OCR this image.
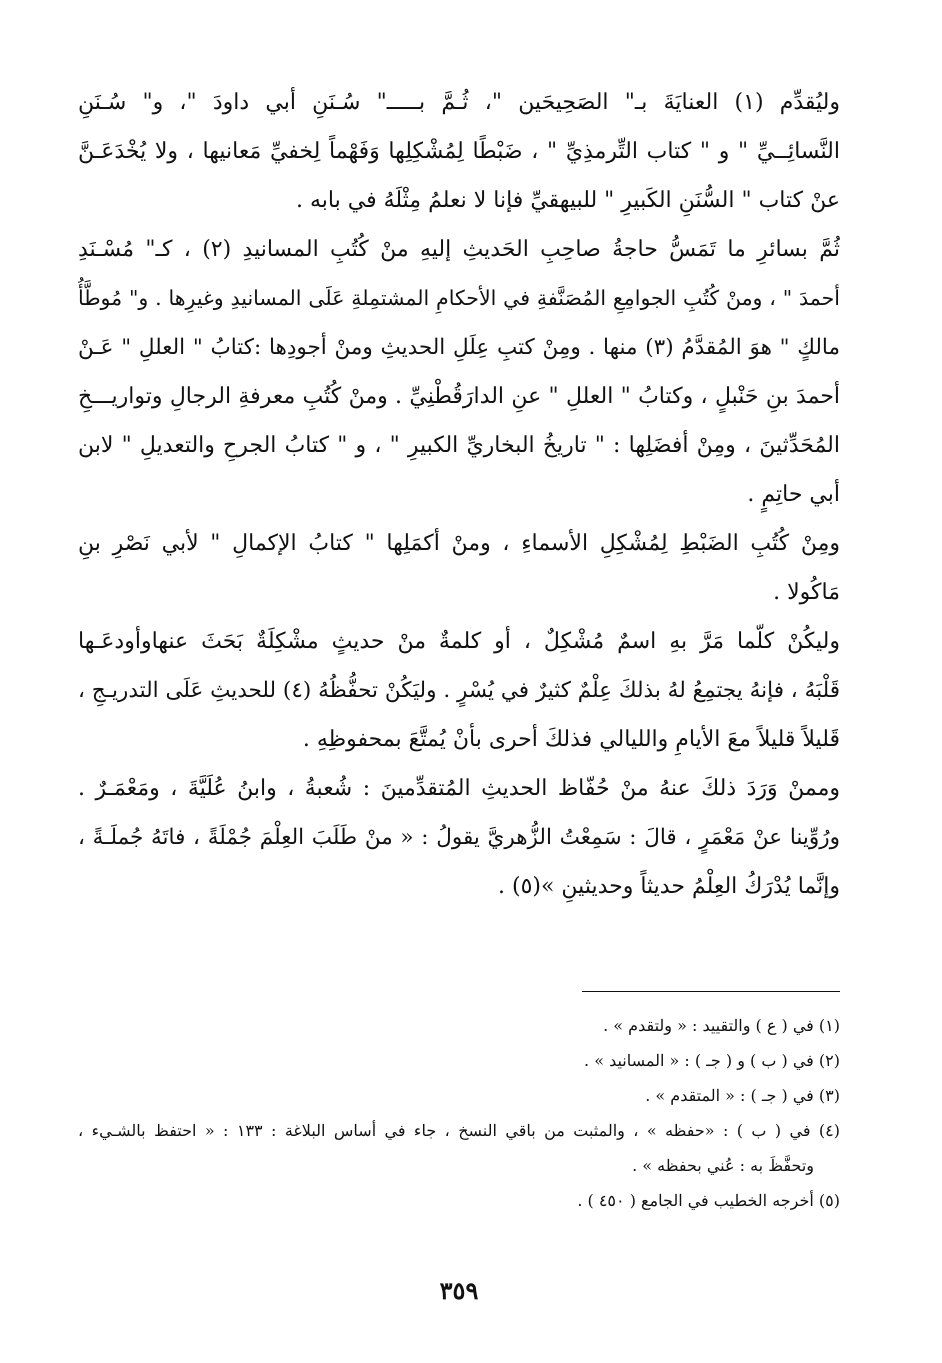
وليُقدِّم (١) العنايَةَ بـ" الصَحِيحَين "، ثُـمَّ بـــــ" سُـنَنِ أبي داودَ "، و" سُـنَنِ
النَّسائِــيِّ " و " كتاب التِّرمذِيِّ " ، ضَبْطًا لِمُشْكِلِها وَفَهْماً لِخفيِّ مَعانيها ، ولا يُخْدَعَـنَّ
عنْ كتاب " السُّنَنِ الكَبيرِ " للبيهقيِّ فإنا لا نعلمُ مِثْلَهُ في بابه .
ثُمَّ بسائرِ ما تَمَسُّ حاجةُ صاحِبِ الحَديثِ إليهِ منْ كُتُبِ المسانيدِ (٢) ، كـ" مُسْـنَدِ
أحمدَ " ، ومنْ كُتُبِ الجوامِعِ المُصَنَّفةِ في الأحكامِ المشتمِلةِ عَلَى المسانيدِ وغيرِها . و" مُوطَّأُ
مالكٍ " هوَ المُقدَّمُ (٣) منها . ومِنْ كتبِ عِلَلِ الحديثِ ومنْ أجودِها :كتابُ " العللِ " عَـنْ
أحمدَ بنِ حَنْبلٍ ، وكتابُ " العللِ " عنِ الدارَقُطْنِيِّ . ومنْ كُتُبِ معرفةِ الرجالِ وتواريـــخِ
المُحَدِّثينَ ، ومِنْ أفضَلِها : " تاريخُ البخاريِّ الكبيرِ " ، و " كتابُ الجرحِ والتعديلِ " لابن
أبي حاتِمٍ .
ومِنْ كُتُبِ الضَبْطِ لِمُشْكِلِ الأسماءِ ، ومنْ أكمَلِها " كتابُ الإكمالِ " لأبي نَصْرِ بنِ
مَاكُولا .
وليكُنْ كلّما مَرَّ بهِ اسمٌ مُشْكِلٌ ، أو كلمةٌ منْ حديثٍ مشْكِلَةٌ بَحَثَ عنهاوأودعَـها
قَلْبَهُ ، فإنهُ يجتمِعُ لهُ بذلكَ عِلْمٌ كثيرٌ في يُسْرٍ . وليَكُنْ تحفُّظُهُ (٤) للحديثِ عَلَى التدريـجِ ،
قَليلاً قليلاً معَ الأيامِ والليالي فذلكَ أحرى بأنْ يُمتَّعَ بمحفوظِهِ .
وممنْ وَرَدَ ذلكَ عنهُ منْ حُفّاظ الحديثِ المُتقدِّمينَ : شُعبةُ ، وابنُ عُلَيَّةَ ، ومَعْمَـرٌ .
ورُوِّينا عنْ مَعْمَرٍ ، قالَ : سَمِعْتُ الزُّهريَّ يقولُ : « منْ طَلَبَ العِلْمَ جُمْلَةً ، فاتَهُ جُملَـةً ،
وإنَّما يُدْرَكُ العِلْمُ حديثاً وحديثينِ »(٥) .
(١) في ( ع ) والتقييد : « ولتقدم » .
(٢) في ( ب ) و ( جـ ) : « المسانيد » .
(٣) في ( جـ ) : « المتقدم » .
(٤) في ( ب ) : «حفظه » ، والمثبت من باقي النسخ ، جاء في أساس البلاغة : ١٣٣ : « احتفظ بالشـيء ،
وتحفَّظَ به : عُني بحفظه » .
(٥) أخرجه الخطيب في الجامع ( ٤٥٠ ) .
٣٥٩
